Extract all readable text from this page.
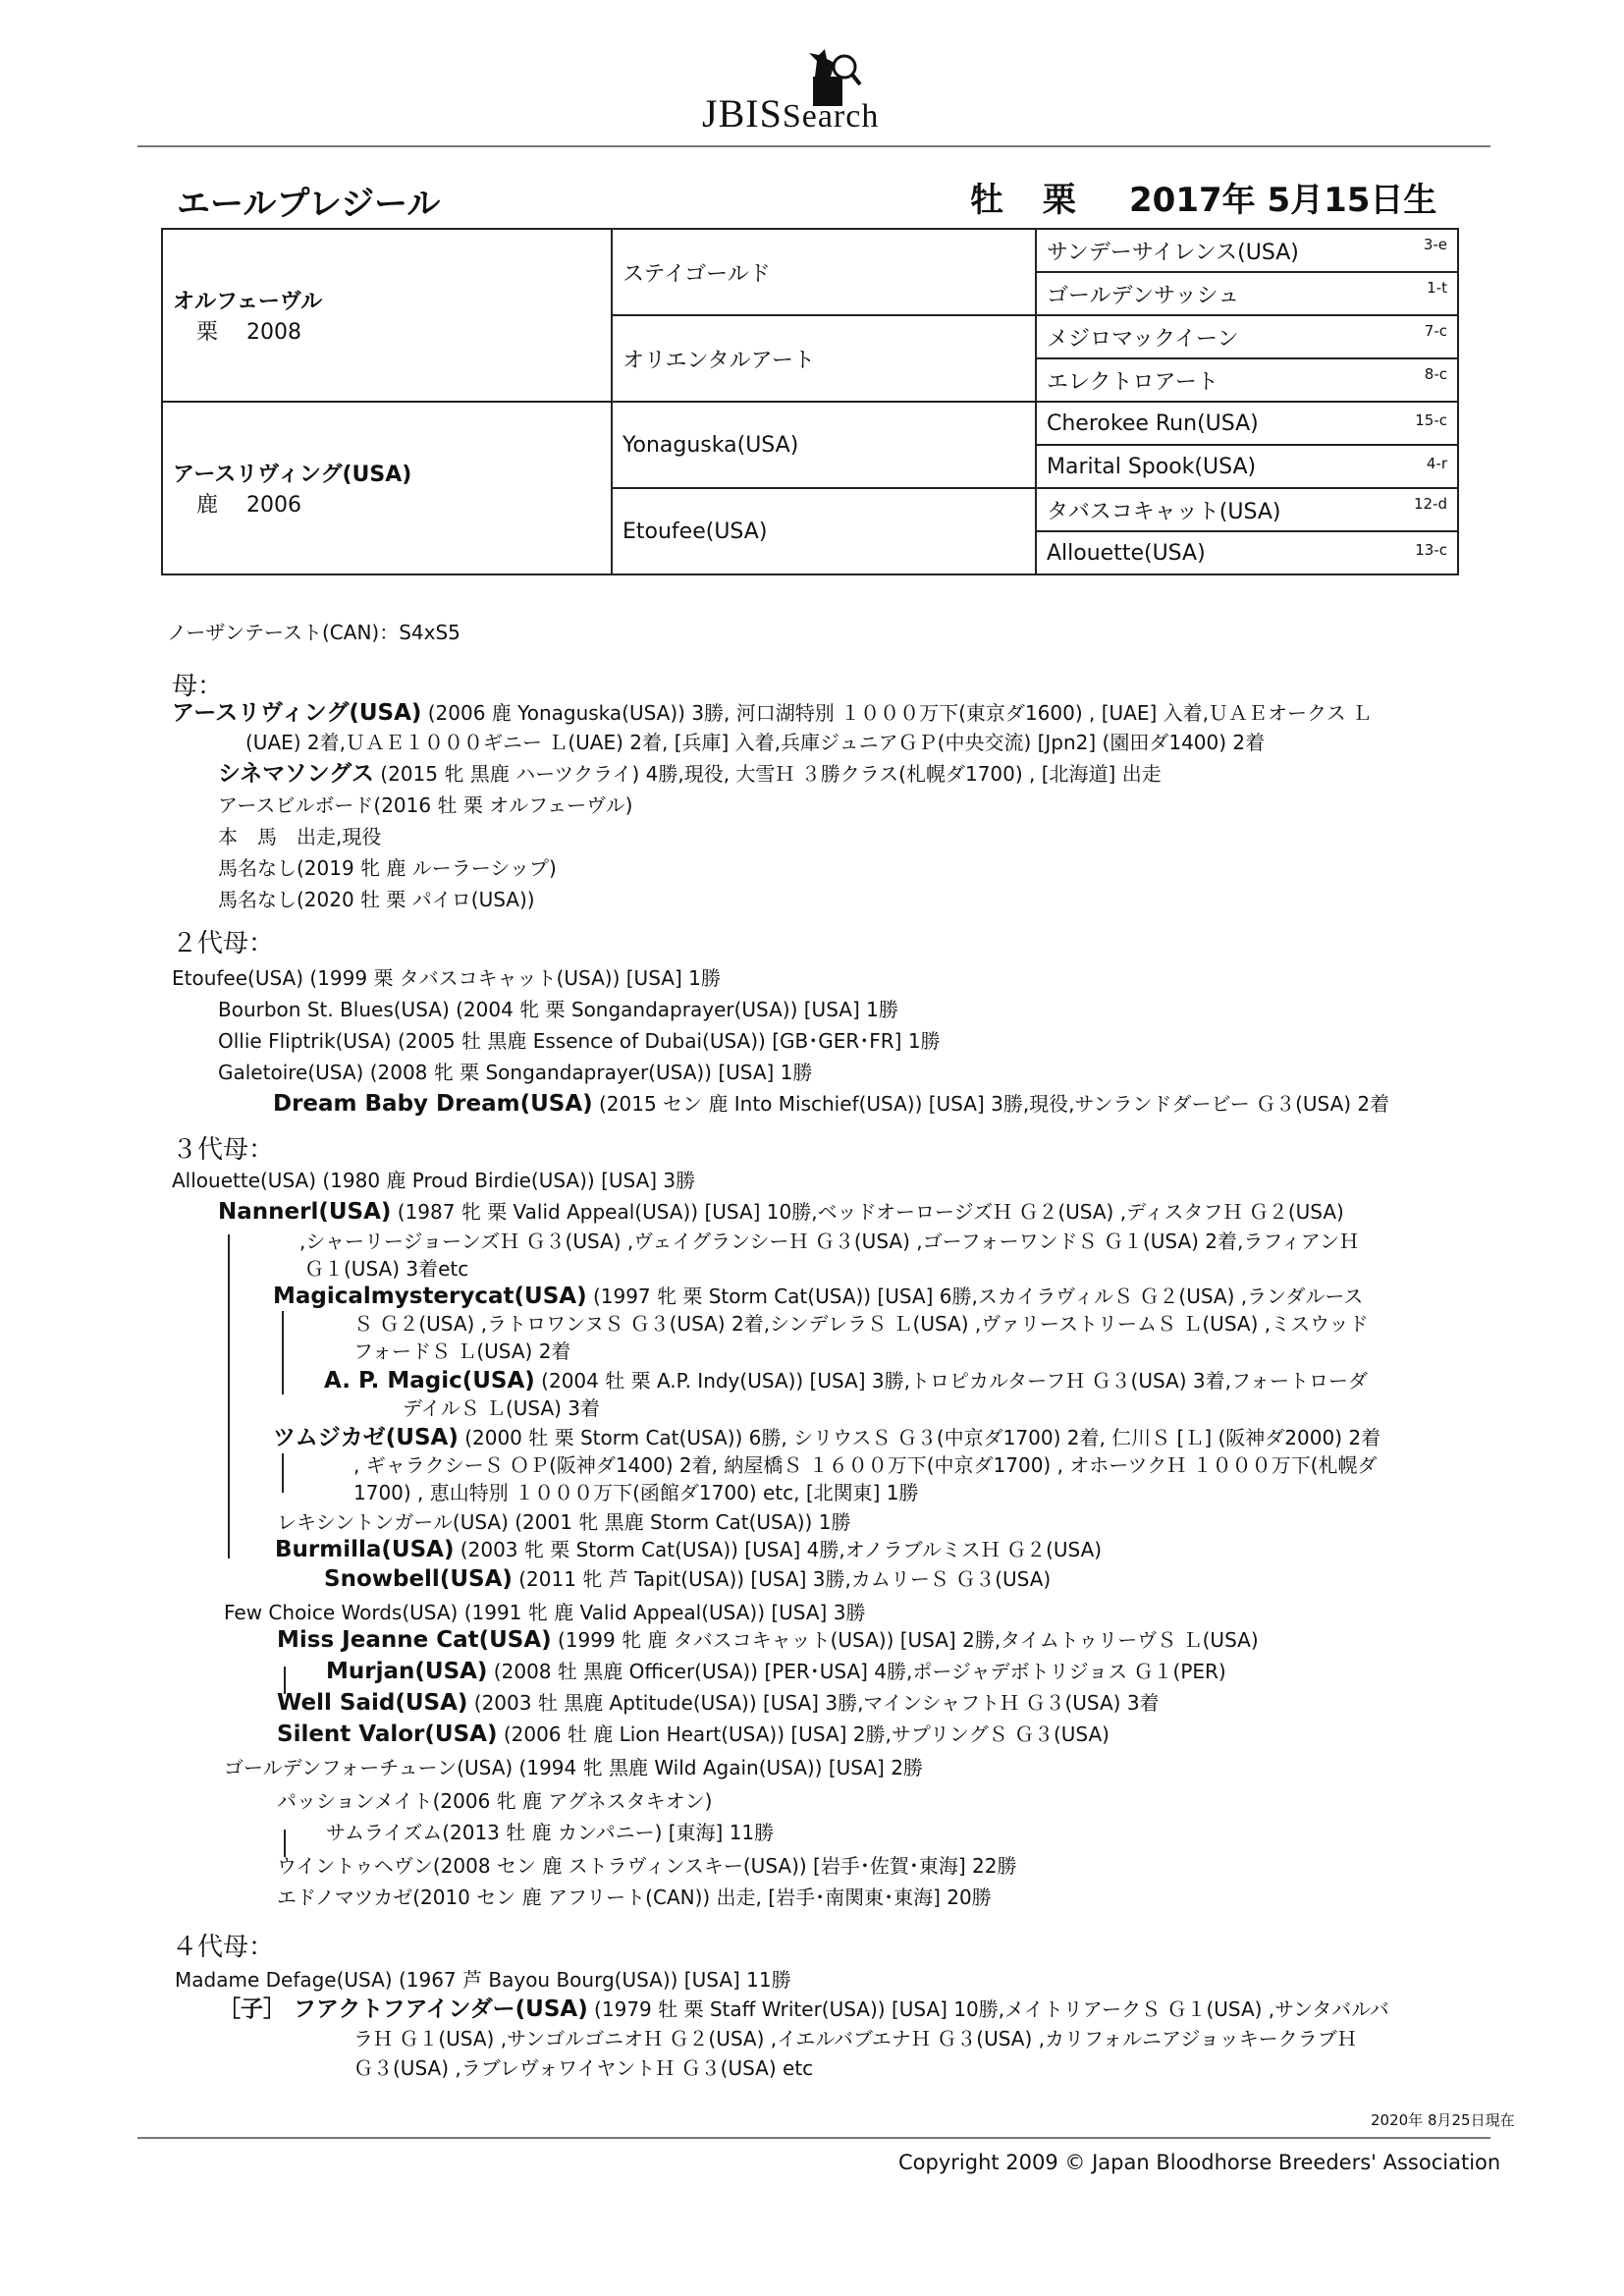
JBISSearch
エールプレジール	牡 栗 2017年 5月15日生
オルフェーヴル
栗　 2008	ステイゴールド	サンデーサイレンス(USA) 3-e

		ゴールデンサッシュ 1-t

	オリエンタルアート	メジロマックイーン 7-c

		エレクトロアート 8-c

アースリヴィング(USA)
鹿　 2006	Yonaguska(USA)	Cherokee Run(USA) 15-c

		Marital Spook(USA) 4-r

	Etoufee(USA)	タバスコキャット(USA) 12-d

		Allouette(USA) 13-c
ノーザンテースト(CAN)：S4xS5
母：
２代母：
３代母：
４代母：
アースリヴィング(USA) (2006 鹿 Yonaguska(USA)) 3勝, 河口湖特別 １０００万下(東京ダ1600) , [UAE] 入着,ＵＡＥオークス Ｌ
(UAE) 2着,ＵＡＥ１０００ギニー Ｌ(UAE) 2着, [兵庫] 入着,兵庫ジュニアＧＰ(中央交流) [Jpn2] (園田ダ1400) 2着
シネマソングス (2015 牝 黒鹿 ハーツクライ) 4勝,現役, 大雪Ｈ ３勝クラス(札幌ダ1700) , [北海道] 出走
アースビルボード(2016 牡 栗 オルフェーヴル)
本　馬　出走,現役
馬名なし(2019 牝 鹿 ルーラーシップ)
馬名なし(2020 牡 栗 パイロ(USA))
Etoufee(USA) (1999 栗 タバスコキャット(USA)) [USA] 1勝
Bourbon St. Blues(USA) (2004 牝 栗 Songandaprayer(USA)) [USA] 1勝
Ollie Fliptrik(USA) (2005 牡 黒鹿 Essence of Dubai(USA)) [GB･GER･FR] 1勝
Galetoire(USA) (2008 牝 栗 Songandaprayer(USA)) [USA] 1勝
Dream Baby Dream(USA) (2015 セン 鹿 Into Mischief(USA)) [USA] 3勝,現役,サンランドダービー Ｇ３(USA) 2着
Allouette(USA) (1980 鹿 Proud Birdie(USA)) [USA] 3勝
Nannerl(USA) (1987 牝 栗 Valid Appeal(USA)) [USA] 10勝,ベッドオーロージズＨ Ｇ２(USA) ,ディスタフＨ Ｇ２(USA)
,シャーリージョーンズＨ Ｇ３(USA) ,ヴェイグランシーＨ Ｇ３(USA) ,ゴーフォーワンドＳ Ｇ１(USA) 2着,ラフィアンＨ
Ｇ１(USA) 3着etc
Magicalmysterycat(USA) (1997 牝 栗 Storm Cat(USA)) [USA] 6勝,スカイラヴィルＳ Ｇ２(USA) ,ランダルース
Ｓ Ｇ２(USA) ,ラトロワンヌＳ Ｇ３(USA) 2着,シンデレラＳ Ｌ(USA) ,ヴァリーストリームＳ Ｌ(USA) ,ミスウッド
フォードＳ Ｌ(USA) 2着
A. P. Magic(USA) (2004 牡 栗 A.P. Indy(USA)) [USA] 3勝,トロピカルターフＨ Ｇ３(USA) 3着,フォートローダ
デイルＳ Ｌ(USA) 3着
ツムジカゼ(USA) (2000 牡 栗 Storm Cat(USA)) 6勝, シリウスＳ Ｇ３(中京ダ1700) 2着, 仁川Ｓ [Ｌ] (阪神ダ2000) 2着
, ギャラクシーＳ ＯＰ(阪神ダ1400) 2着, 納屋橋Ｓ １６００万下(中京ダ1700) , オホーツクＨ １０００万下(札幌ダ
1700) , 恵山特別 １０００万下(函館ダ1700) etc, [北関東] 1勝
レキシントンガール(USA) (2001 牝 黒鹿 Storm Cat(USA)) 1勝
Burmilla(USA) (2003 牝 栗 Storm Cat(USA)) [USA] 4勝,オノラブルミスＨ Ｇ２(USA)
Snowbell(USA) (2011 牝 芦 Tapit(USA)) [USA] 3勝,カムリーＳ Ｇ３(USA)
Few Choice Words(USA) (1991 牝 鹿 Valid Appeal(USA)) [USA] 3勝
Miss Jeanne Cat(USA) (1999 牝 鹿 タバスコキャット(USA)) [USA] 2勝,タイムトゥリーヴＳ Ｌ(USA)
Murjan(USA) (2008 牡 黒鹿 Officer(USA)) [PER･USA] 4勝,ポージャデボトリジョス Ｇ１(PER)
Well Said(USA) (2003 牡 黒鹿 Aptitude(USA)) [USA] 3勝,マインシャフトＨ Ｇ３(USA) 3着
Silent Valor(USA) (2006 牡 鹿 Lion Heart(USA)) [USA] 2勝,サプリングＳ Ｇ３(USA)
ゴールデンフォーチューン(USA) (1994 牝 黒鹿 Wild Again(USA)) [USA] 2勝
パッションメイト(2006 牝 鹿 アグネスタキオン)
サムライズム(2013 牡 鹿 カンパニー) [東海] 11勝
ウイントゥヘヴン(2008 セン 鹿 ストラヴィンスキー(USA)) [岩手･佐賀･東海] 22勝
エドノマツカゼ(2010 セン 鹿 アフリート(CAN)) 出走, [岩手･南関東･東海] 20勝
Madame Defage(USA) (1967 芦 Bayou Bourg(USA)) [USA] 11勝
［子］ フアクトフアインダー(USA) (1979 牡 栗 Staff Writer(USA)) [USA] 10勝,メイトリアークＳ Ｇ１(USA) ,サンタバルバ
ラＨ Ｇ１(USA) ,サンゴルゴニオＨ Ｇ２(USA) ,イエルバブエナＨ Ｇ３(USA) ,カリフォルニアジョッキークラブＨ
Ｇ３(USA) ,ラブレヴォワイヤントＨ Ｇ３(USA) etc
2020年 8月25日現在
Copyright 2009 © Japan Bloodhorse Breeders' Association
